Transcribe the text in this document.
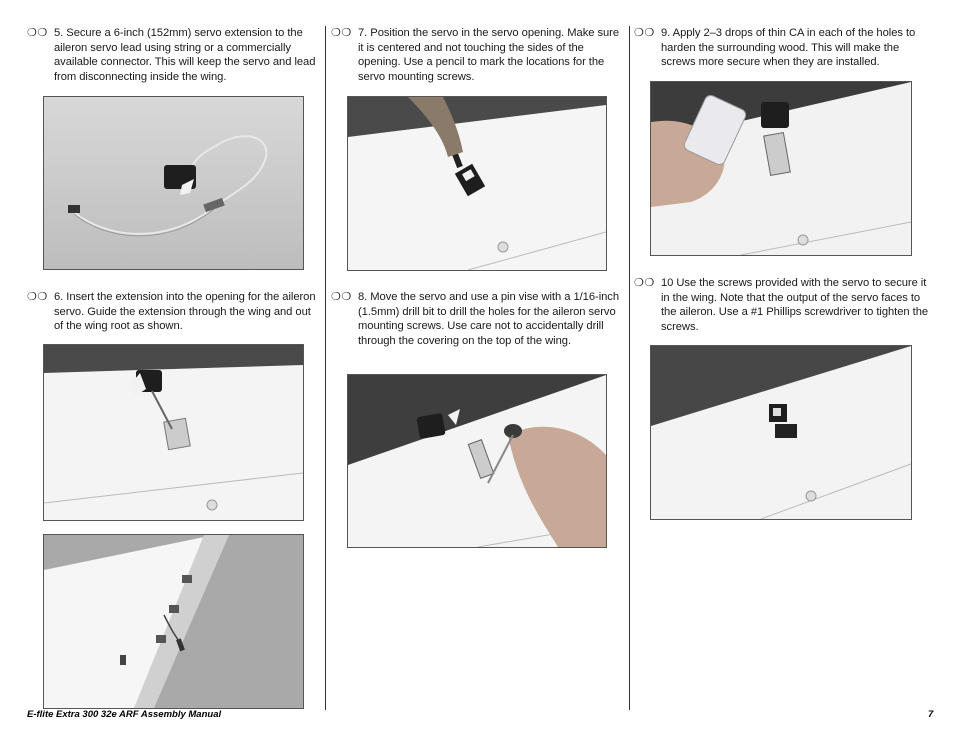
❍❍ 5. Secure a 6-inch (152mm) servo extension to the aileron servo lead using string or a commercially available connector. This will keep the servo and lead from disconnecting inside the wing.
❍❍ 6. Insert the extension into the opening for the aileron servo. Guide the extension through the wing and out of the wing root as shown.
❍❍ 7. Position the servo in the servo opening. Make sure it is centered and not touching the sides of the opening. Use a pencil to mark the locations for the servo mounting screws.
❍❍ 8. Move the servo and use a pin vise with a 1/16-inch (1.5mm) drill bit to drill the holes for the aileron servo mounting screws. Use care not to accidentally drill through the covering on the top of the wing.
❍❍ 9. Apply 2–3 drops of thin CA in each of the holes to harden the surrounding wood. This will make the screws more secure when they are installed.
❍❍ 10 Use the screws provided with the servo to secure it in the wing. Note that the output of the servo faces to the aileron. Use a #1 Phillips screwdriver to tighten the screws.
E-flite Extra 300 32e ARF Assembly Manual	7
